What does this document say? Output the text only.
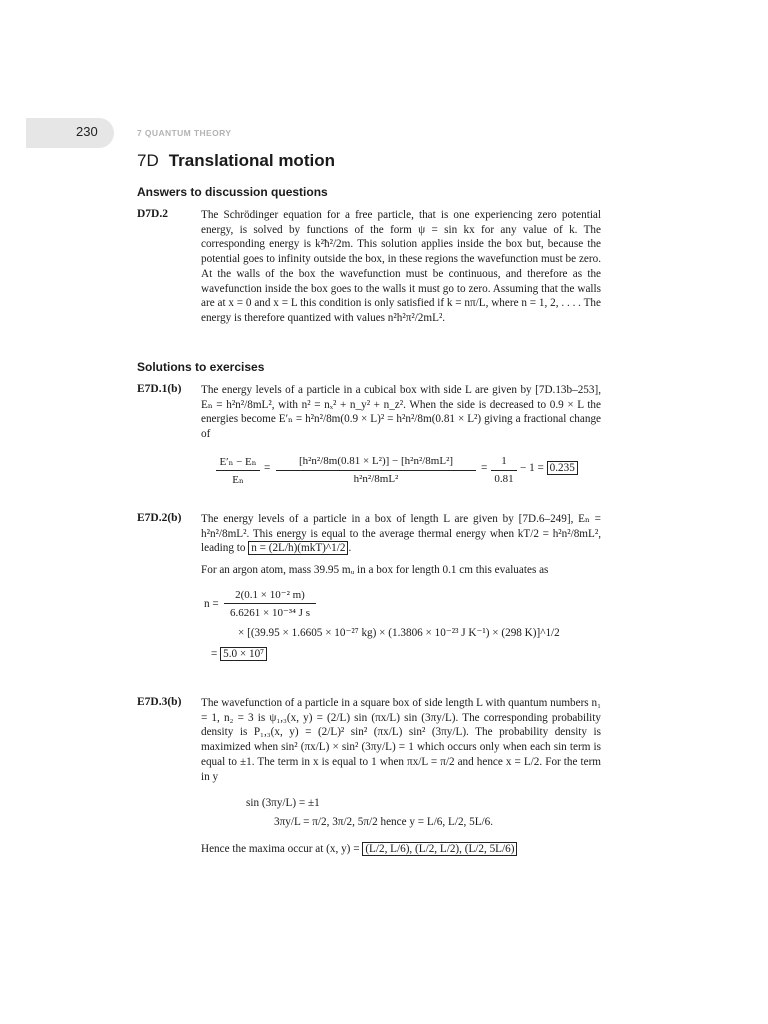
230	7 QUANTUM THEORY
7D Translational motion
Answers to discussion questions
D7D.2	The Schrödinger equation for a free particle, that is one experiencing zero potential energy, is solved by functions of the form ψ = sin kx for any value of k. The corresponding energy is k²ħ²/2m. This solution applies inside the box but, because the potential goes to infinity outside the box, in these regions the wavefunction must be zero. At the walls of the box the wavefunction must be continuous, and therefore as the wavefunction inside the box goes to the walls it must go to zero. Assuming that the walls are at x = 0 and x = L this condition is only satisfied if k = nπ/L, where n = 1, 2, . . . . The energy is therefore quantized with values n²h²π²/2mL².
Solutions to exercises
E7D.1(b) The energy levels of a particle in a cubical box with side L are given by [7D.13b–253], Eₙ = h²n²/8mL², with n² = nₓ² + n_y² + n_z². When the side is decreased to 0.9 × L the energies become E′ₙ = h²n²/8m(0.9 × L)² = h²n²/8m(0.81 × L²) giving a fractional change of
E′ₙ − Eₙ
Eₙ
=
[h²n²/8m(0.81 × L²)] − [h²n²/8mL²]
h²n²/8mL²
=
1
0.81
− 1 = 0.235
E7D.2(b) The energy levels of a particle in a box of length L are given by [7D.6–249], Eₙ = h²n²/8mL². This energy is equal to the average thermal energy when kT/2 = h²n²/8mL², leading to n = (2L/h)(mkT)^1/2 .
For an argon atom, mass 39.95 mᵤ in a box for length 0.1 cm this evaluates as
n =
2(0.1 × 10⁻² m)
6.6261 × 10⁻³⁴ J s
× [(39.95 × 1.6605 × 10⁻²⁷ kg) × (1.3806 × 10⁻²³ J K⁻¹) × (298 K)]^1/2
= 5.0 × 10⁷
E7D.3(b) The wavefunction of a particle in a square box of side length L with quantum numbers n₁ = 1, n₂ = 3 is ψ₁,₃(x, y) = (2/L) sin (πx/L) sin (3πy/L). The corresponding probability density is P₁,₃(x, y) = (2/L)² sin² (πx/L) sin² (3πy/L). The probability density is maximized when sin² (πx/L) × sin² (3πy/L) = 1 which occurs only when each sin term is equal to ±1. The term in x is equal to 1 when πx/L = π/2 and hence x = L/2. For the term in y
sin (3πy/L) = ±1
3πy/L = π/2, 3π/2, 5π/2 hence y = L/6, L/2, 5L/6.
Hence the maxima occur at (x, y) = (L/2, L/6), (L/2, L/2), (L/2, 5L/6)
